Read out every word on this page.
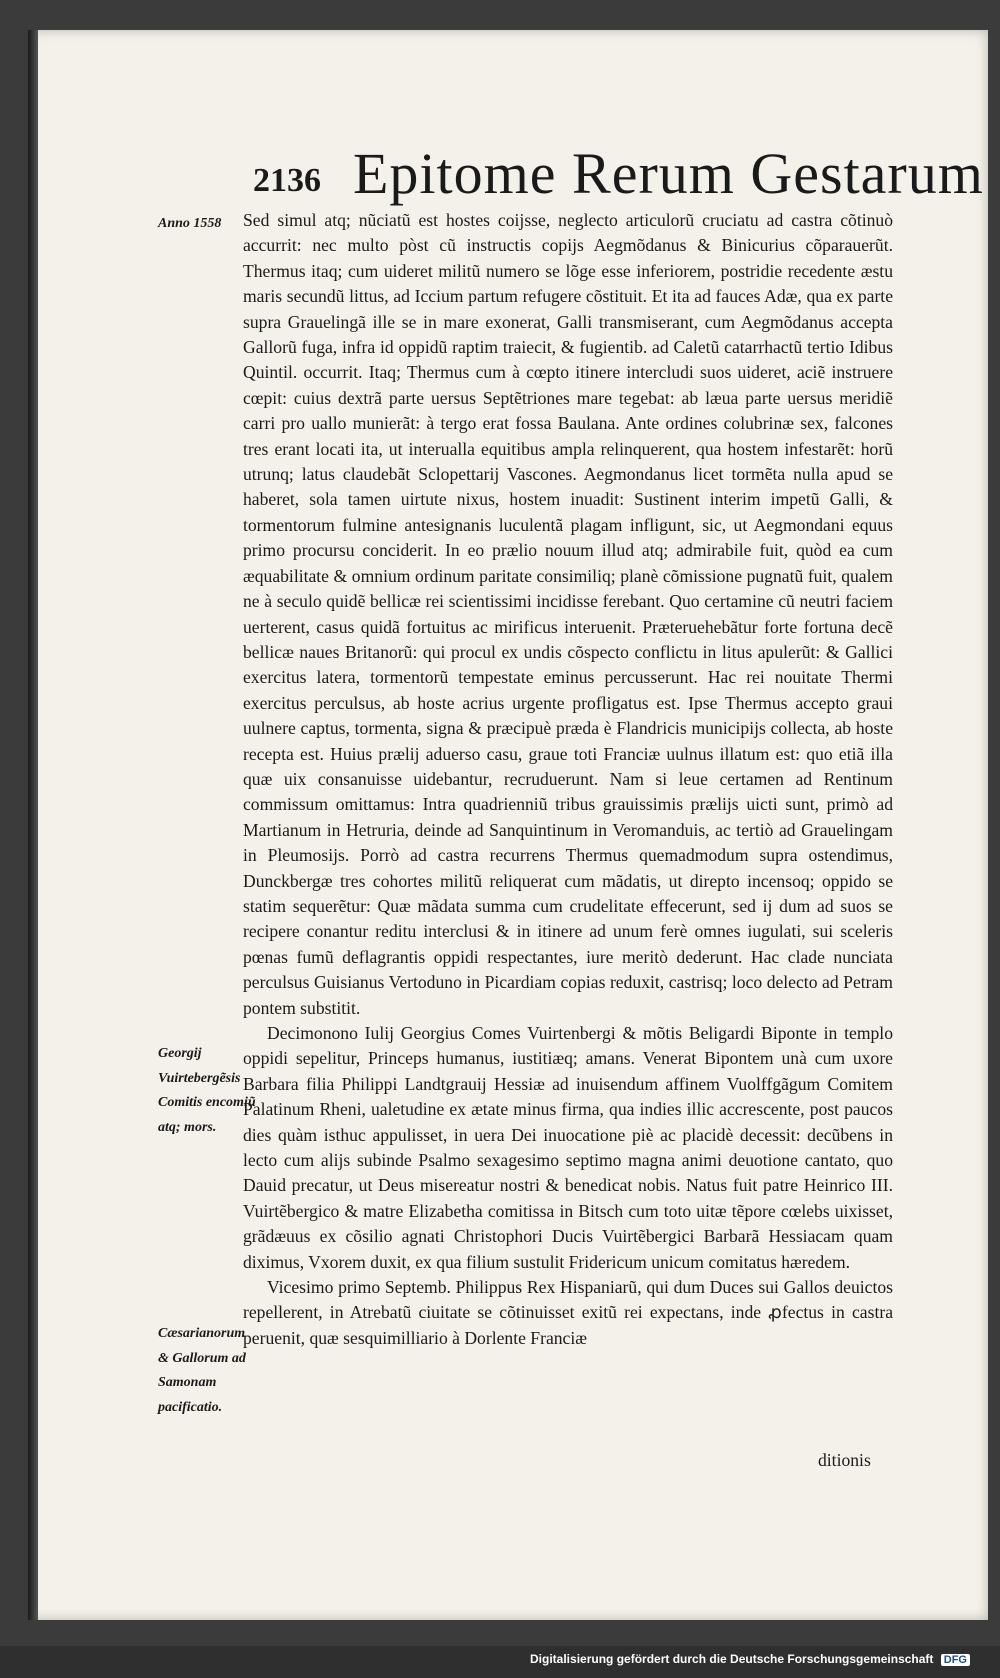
2136 Epitome Rerum Gestarum
Anno 1558
Georgij Vuirtebergẽsis Comitis encomiũ atq; mors.
Cæsarianorum & Gallorum ad Samonam pacificatio.

Sed simul atq; nũciatũ est hostes coijsse, neglecto articulorũ cruciatu ad castra cõtinuò accurrit: nec multo pòst cũ instructis copijs Aegmõdanus & Binicurius cõparauerũt. Thermus itaq; cum uideret militũ numero se lõge esse inferiorem, postridie recedente æstu maris secundũ littus, ad Iccium partum refugere cõstituit. Et ita ad fauces Adæ, qua ex parte supra Grauelingã ille se in mare exonerat, Galli transmiserant, cum Aegmõdanus accepta Gallorũ fuga, infra id oppidũ raptim traiecit, & fugientib. ad Caletũ catarrhactũ tertio Idibus Quintil. occurrit. Itaq; Thermus cum à cœpto itinere intercludi suos uideret, aciẽ instruere cœpit: cuius dextrã parte uersus Septẽtriones mare tegebat: ab læua parte uersus meridiẽ carri pro uallo munierãt: à tergo erat fossa Baulana. Ante ordines colubrinæ sex, falcones tres erant locati ita, ut interualla equitibus ampla relinquerent, qua hostem infestarẽt: horũ utrunq; latus claudebãt Sclopettarij Vascones. Aegmondanus licet tormẽta nulla apud se haberet, sola tamen uirtute nixus, hostem inuadit: Sustinent interim impetũ Galli, & tormentorum fulmine antesignanis luculentã plagam infligunt, sic, ut Aegmondani equus primo procursu conciderit. In eo prælio nouum illud atq; admirabile fuit, quòd ea cum æquabilitate & omnium ordinum paritate consimiliq; planè cõmissione pugnatũ fuit, qualem ne à seculo quidẽ bellicæ rei scientissimi incidisse ferebant. Quo certamine cũ neutri faciem uerterent, casus quidã fortuitus ac mirificus interuenit. Præteruehebãtur forte fortuna decẽ bellicæ naues Britanorũ: qui procul ex undis cõspecto conflictu in litus apulerũt: & Gallici exercitus latera, tormentorũ tempestate eminus percusserunt. Hac rei nouitate Thermi exercitus perculsus, ab hoste acrius urgente profligatus est. Ipse Thermus accepto graui uulnere captus, tormenta, signa & præcipuè præda è Flandricis municipijs collecta, ab hoste recepta est. Huius prælij aduerso casu, graue toti Franciæ uulnus illatum est: quo etiã illa quæ uix consanuisse uidebantur, recruduerunt. Nam si leue certamen ad Rentinum commissum omittamus: Intra quadrienniũ tribus grauissimis prælijs uicti sunt, primò ad Martianum in Hetruria, deinde ad Sanquintinum in Veromanduis, ac tertiò ad Grauelingam in Pleumosijs. Porrò ad castra recurrens Thermus quemadmodum supra ostendimus, Dunckbergæ tres cohortes militũ reliquerat cum mãdatis, ut direpto incensoq; oppido se statim sequerẽtur: Quæ mãdata summa cum crudelitate effecerunt, sed ij dum ad suos se recipere conantur reditu interclusi & in itinere ad unum ferè omnes iugulati, sui sceleris pœnas fumũ deflagrantis oppidi respectantes, iure meritò dederunt. Hac clade nunciata perculsus Guisianus Vertoduno in Picardiam copias reduxit, castrisq; loco delecto ad Petram pontem substitit.

Decimonono Iulij Georgius Comes Vuirtenbergi & mõtis Beligardi Biponte in templo oppidi sepelitur, Princeps humanus, iustitiæq; amans. Venerat Bipontem unà cum uxore Barbara filia Philippi Landtgrauij Hessiæ ad inuisendum affinem Vuolffgãgum Comitem Palatinum Rheni, ualetudine ex ætate minus firma, qua indies illic accrescente, post paucos dies quàm isthuc appulisset, in uera Dei inuocatione piè ac placidè decessit: decũbens in lecto cum alijs subinde Psalmo sexagesimo septimo magna animi deuotione cantato, quo Dauid precatur, ut Deus misereatur nostri & benedicat nobis. Natus fuit patre Heinrico III. Vuirtẽbergico & matre Elizabetha comitissa in Bitsch cum toto uitæ tẽpore cœlebs uixisset, grãdæuus ex cõsilio agnati Christophori Ducis Vuirtẽbergici Barbarã Hessiacam quam diximus, Vxorem duxit, ex qua filium sustulit Fridericum unicum comitatus hæredem.

Vicesimo primo Septemb. Philippus Rex Hispaniarũ, qui dum Duces sui Gallos deuictos repellerent, in Atrebatũ ciuitate se cõtinuisset exitũ rei expectans, inde ꝓfectus in castra peruenit, quæ sesquimilliario à Dorlente Franciæ

ditionis
Digitalisierung gefördert durch die Deutsche Forschungsgemeinschaft DFG
